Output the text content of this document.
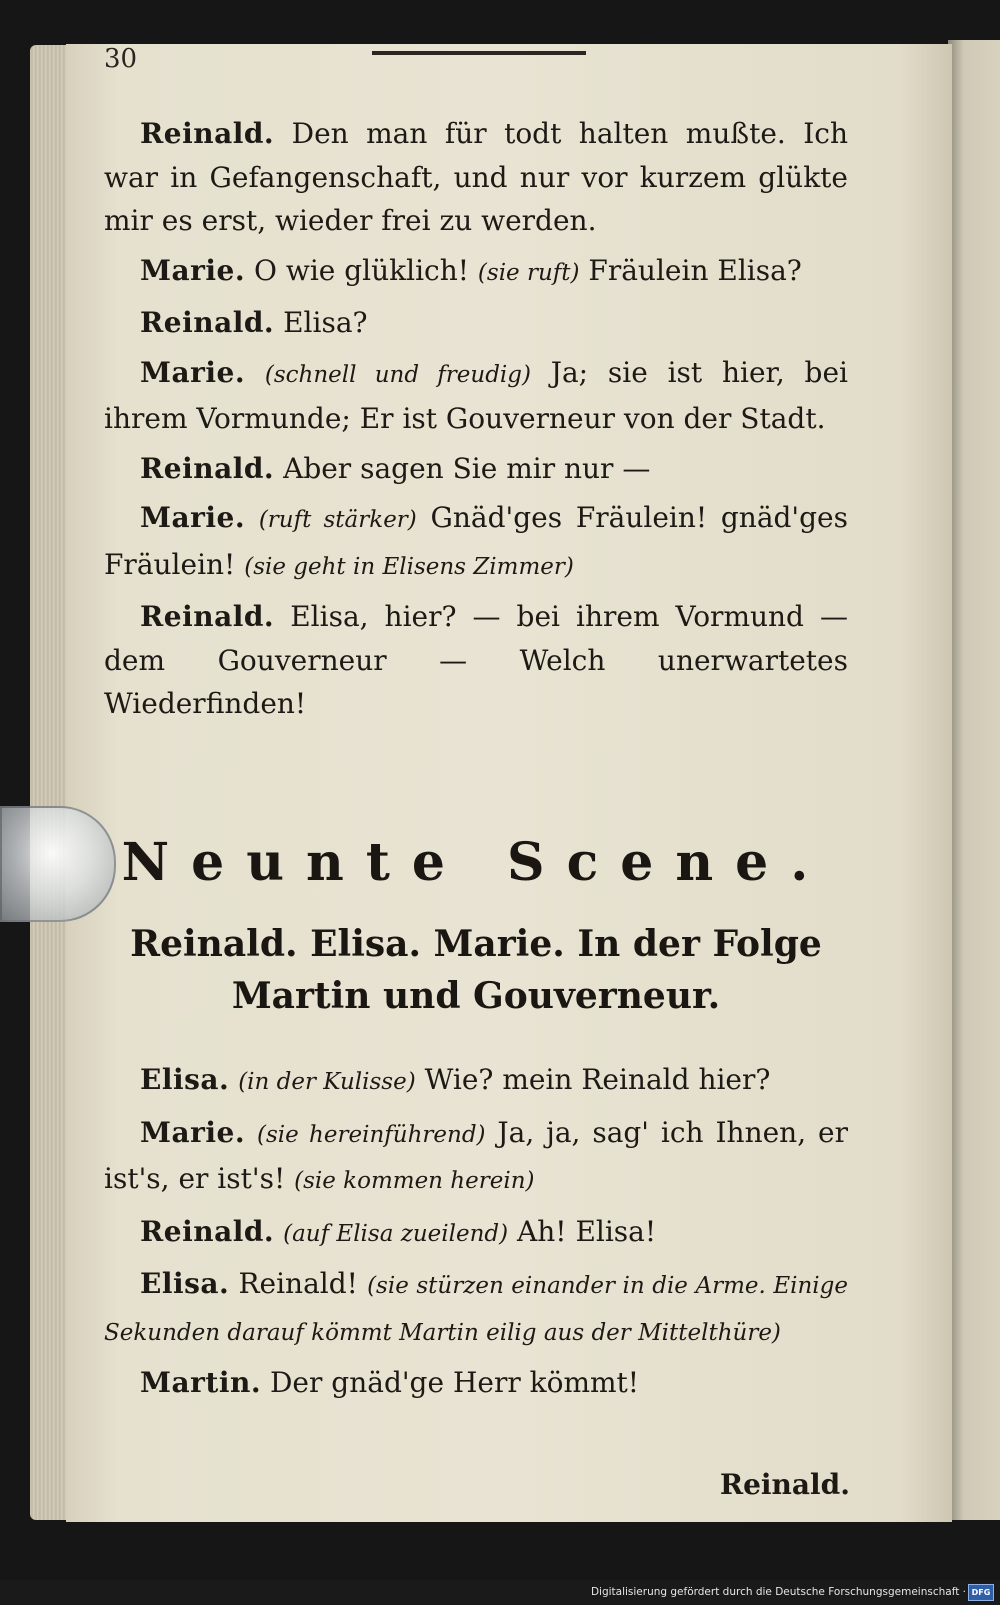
30

Reinald. Den man für todt halten mußte. Ich war in Gefangenschaft, und nur vor kurzem glükte mir es erst, wieder frei zu werden.

Marie. O wie glüklich! (sie ruft) Fräulein Elisa?

Reinald. Elisa?

Marie. (schnell und freudig) Ja; sie ist hier, bei ihrem Vormunde; Er ist Gouverneur von der Stadt.

Reinald. Aber sagen Sie mir nur —

Marie. (ruft stärker) Gnäd'ges Fräulein! gnäd'ges Fräulein! (sie geht in Elisens Zimmer)

Reinald. Elisa, hier? — bei ihrem Vormund — dem Gouverneur — Welch unerwartetes Wiederfinden!

Neunte Scene.

Reinald. Elisa. Marie. In der Folge Martin und Gouverneur.

Elisa. (in der Kulisse) Wie? mein Reinald hier?

Marie. (sie hereinführend) Ja, ja, sag' ich Ihnen, er ist's, er ist's! (sie kommen herein)

Reinald. (auf Elisa zueilend) Ah! Elisa!

Elisa. Reinald! (sie stürzen einander in die Arme. Einige Sekunden darauf kömmt Martin eilig aus der Mittelthüre)

Martin. Der gnäd'ge Herr kömmt!

Reinald.
Digitalisierung gefördert durch die Deutsche Forschungsgemeinschaft · DFG
